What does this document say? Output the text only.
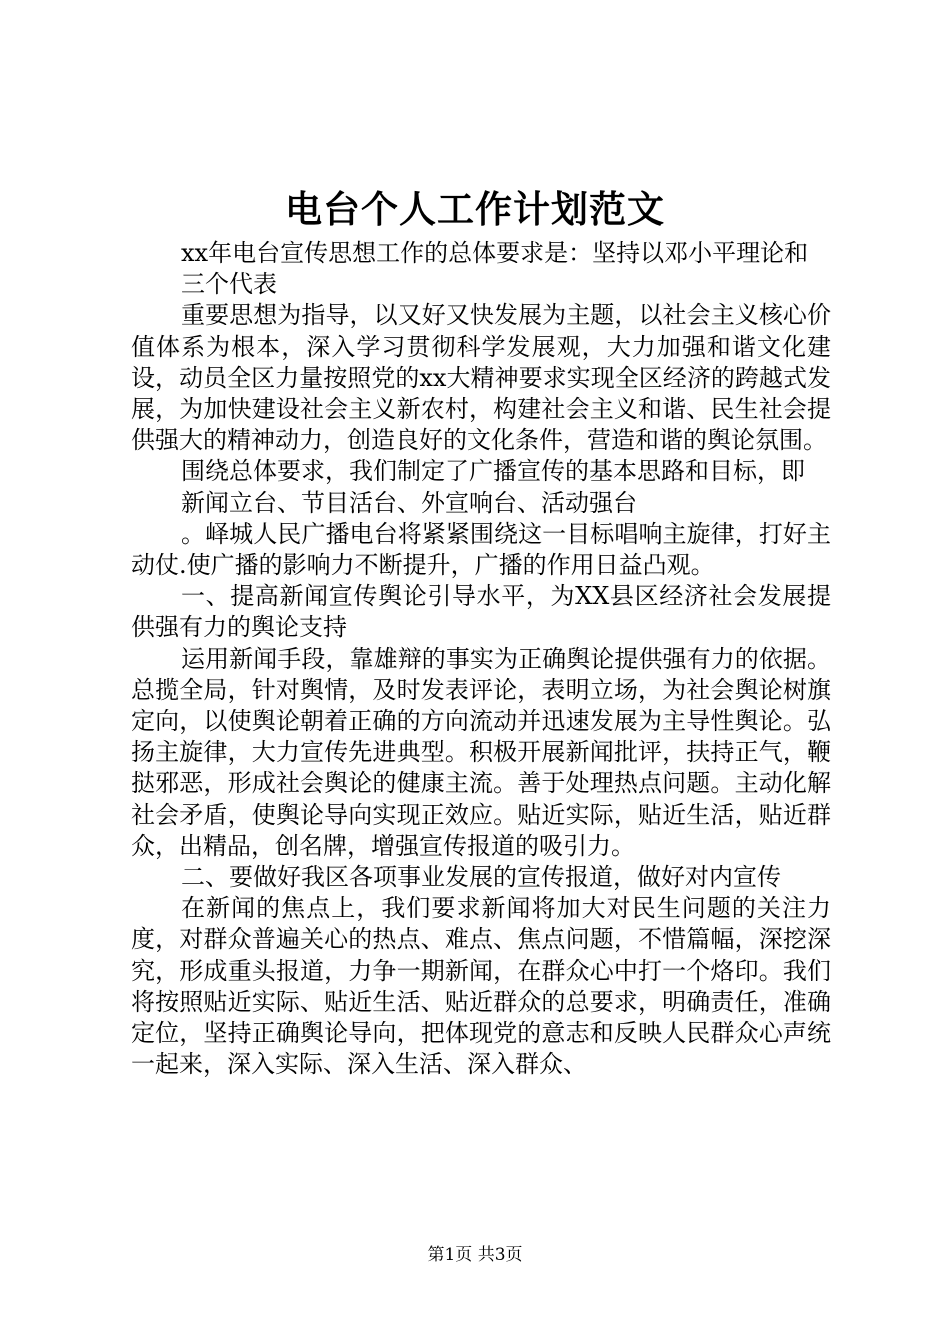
电台个人工作计划范文

xx年电台宣传思想工作的总体要求是：坚持以邓小平理论和

三个代表

重要思想为指导，以又好又快发展为主题，以社会主义核心价值体系为根本，深入学习贯彻科学发展观，大力加强和谐文化建设，动员全区力量按照党的xx大精神要求实现全区经济的跨越式发展，为加快建设社会主义新农村，构建社会主义和谐、民生社会提供强大的精神动力，创造良好的文化条件，营造和谐的舆论氛围。

围绕总体要求，我们制定了广播宣传的基本思路和目标，即

新闻立台、节目活台、外宣响台、活动强台

。峄城人民广播电台将紧紧围绕这一目标唱响主旋律，打好主动仗.使广播的影响力不断提升，广播的作用日益凸观。

一、提高新闻宣传舆论引导水平，为XX县区经济社会发展提供强有力的舆论支持

运用新闻手段，靠雄辩的事实为正确舆论提供强有力的依据。总揽全局，针对舆情，及时发表评论，表明立场，为社会舆论树旗定向，以使舆论朝着正确的方向流动并迅速发展为主导性舆论。弘扬主旋律，大力宣传先进典型。积极开展新闻批评，扶持正气，鞭挞邪恶，形成社会舆论的健康主流。善于处理热点问题。主动化解社会矛盾，使舆论导向实现正效应。贴近实际，贴近生活，贴近群众，出精品，创名牌，增强宣传报道的吸引力。

二、要做好我区各项事业发展的宣传报道，做好对内宣传

在新闻的焦点上，我们要求新闻将加大对民生问题的关注力度，对群众普遍关心的热点、难点、焦点问题，不惜篇幅，深挖深究，形成重头报道，力争一期新闻，在群众心中打一个烙印。我们将按照贴近实际、贴近生活、贴近群众的总要求，明确责任，准确定位，坚持正确舆论导向，把体现党的意志和反映人民群众心声统一起来，深入实际、深入生活、深入群众、

第1页 共3页
